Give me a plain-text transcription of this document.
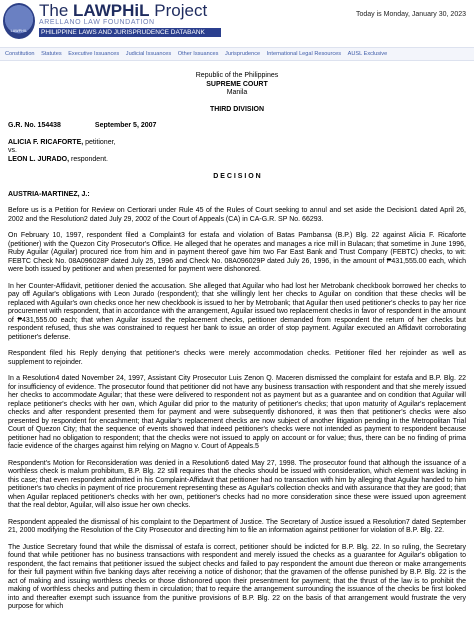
LAWPHIL
The LAWPHiL Project
ARELLANO LAW FOUNDATION
PHILIPPINE LAWS AND JURISPRUDENCE DATABANK
Today is Monday, January 30, 2023
Constitution Statutes Executive Issuances Judicial Issuances Other Issuances Jurisprudence International Legal Resources AUSL Exclusive
Republic of the Philippines
SUPREME COURT
Manila
THIRD DIVISION
G.R. No. 154438	September 5, 2007
ALICIA F. RICAFORTE, petitioner,
vs.
LEON L. JURADO, respondent.
D E C I S I O N
AUSTRIA-MARTINEZ, J.:

Before us is a Petition for Review on Certiorari under Rule 45 of the Rules of Court seeking to annul and set aside the Decision1 dated April 26, 2002 and the Resolution2 dated July 29, 2002 of the Court of Appeals (CA) in CA-G.R. SP No. 66293.

On February 10, 1997, respondent filed a Complaint3 for estafa and violation of Batas Pambansa (B.P.) Blg. 22 against Alicia F. Ricaforte (petitioner) with the Quezon City Prosecutor's Office. He alleged that he operates and manages a rice mill in Bulacan; that sometime in June 1996, Ruby Aguilar (Aguilar) procured rice from him and in payment thereof gave him two Far East Bank and Trust Company (FEBTC) checks, to wit: FEBTC Check No. 08A096028P dated July 25, 1996 and Check No. 08A096029P dated July 26, 1996, in the amount of ₱431,555.00 each, which were both issued by petitioner and when presented for payment were dishonored.

In her Counter-Affidavit, petitioner denied the accusation. She alleged that Aguilar who had lost her Metrobank checkbook borrowed her checks to pay off Aguilar's obligations with Leon Jurado (respondent); that she willingly lent her checks to Aguilar on condition that these checks will be replaced with Aguilar's own checks once her new checkbook is issued to her by Metrobank; that Aguilar then used petitioner's checks to pay her rice procurement with respondent, that in accordance with the arrangement, Aguilar issued two replacement checks in favor of respondent in the amount of ₱431,555.00 each; that when Aguilar issued the replacement checks, petitioner demanded from respondent the return of her checks but respondent refused, thus she was constrained to request her bank to issue an order of stop payment. Aguilar executed an Affidavit corroborating petitioner's defense.

Respondent filed his Reply denying that petitioner's checks were merely accommodation checks. Petitioner filed her rejoinder as well as supplement to rejoinder.

In a Resolution4 dated November 24, 1997, Assistant City Prosecutor Luis Zenon Q. Maceren dismissed the complaint for estafa and B.P. Blg. 22 for insufficiency of evidence. The prosecutor found that petitioner did not have any business transaction with respondent and that she merely issued her checks to accommodate Aguilar; that these were delivered to respondent not as payment but as a guarantee and on condition that Aguilar will replace petitioner's checks with her own, which Aguilar did prior to the maturity of petitioner's checks; that upon maturity of Aguilar's replacement checks and after respondent presented them for payment and were subsequently dishonored, it was then that petitioner's checks were also presented by respondent for encashment; that Aguilar's replacement checks are now subject of another litigation pending in the Metropolitan Trial Court of Quezon City; that the sequence of events showed that indeed petitioner's checks were not intended as payment to respondent because petitioner had no obligation to respondent; that the checks were not issued to apply on account or for value; thus, there can be no finding of prima facie evidence of the charges against him relying on Magno v. Court of Appeals.5

Respondent's Motion for Reconsideration was denied in a Resolution6 dated May 27, 1998. The prosecutor found that although the issuance of a worthless check is malum prohibitum, B.P. Blg. 22 still requires that the checks should be issued with consideration, which element was lacking in this case; that even respondent admitted in his Complaint-Affidavit that petitioner had no transaction with him by alleging that Aguilar handed to him petitioner's two checks in payment of rice procurement representing these as Aguilar's collection checks and with assurance that they are good; that when Aguilar replaced petitioner's checks with her own, petitioner's checks had no more consideration since these were issued upon agreement that the real debtor, Aguilar, will also issue her own checks.

Respondent appealed the dismissal of his complaint to the Department of Justice. The Secretary of Justice issued a Resolution7 dated September 21, 2000 modifying the Resolution of the City Prosecutor and directing him to file an information against petitioner for violation of B.P. Blg. 22.

The Justice Secretary found that while the dismissal of estafa is correct, petitioner should be indicted for B.P. Blg. 22. In so ruling, the Secretary found that while petitioner has no business transactions with respondent and merely issued the checks as a guarantee for Aguilar's obligation to respondent, the fact remains that petitioner issued the subject checks and failed to pay respondent the amount due thereon or make arrangements for their full payment within five banking days after receiving a notice of dishonor; that the gravamen of the offense punished by B.P. Blg. 22 is the act of making and issuing worthless checks or those dishonored upon their presentment for payment; that the thrust of the law is to prohibit the making of worthless checks and putting them in circulation; that to require the arrangement surrounding the issuance of the checks be first looked into and thereafter exempt such issuance from the punitive provisions of B.P. Blg. 22 on the basis of that arrangement would frustrate the very purpose for which
